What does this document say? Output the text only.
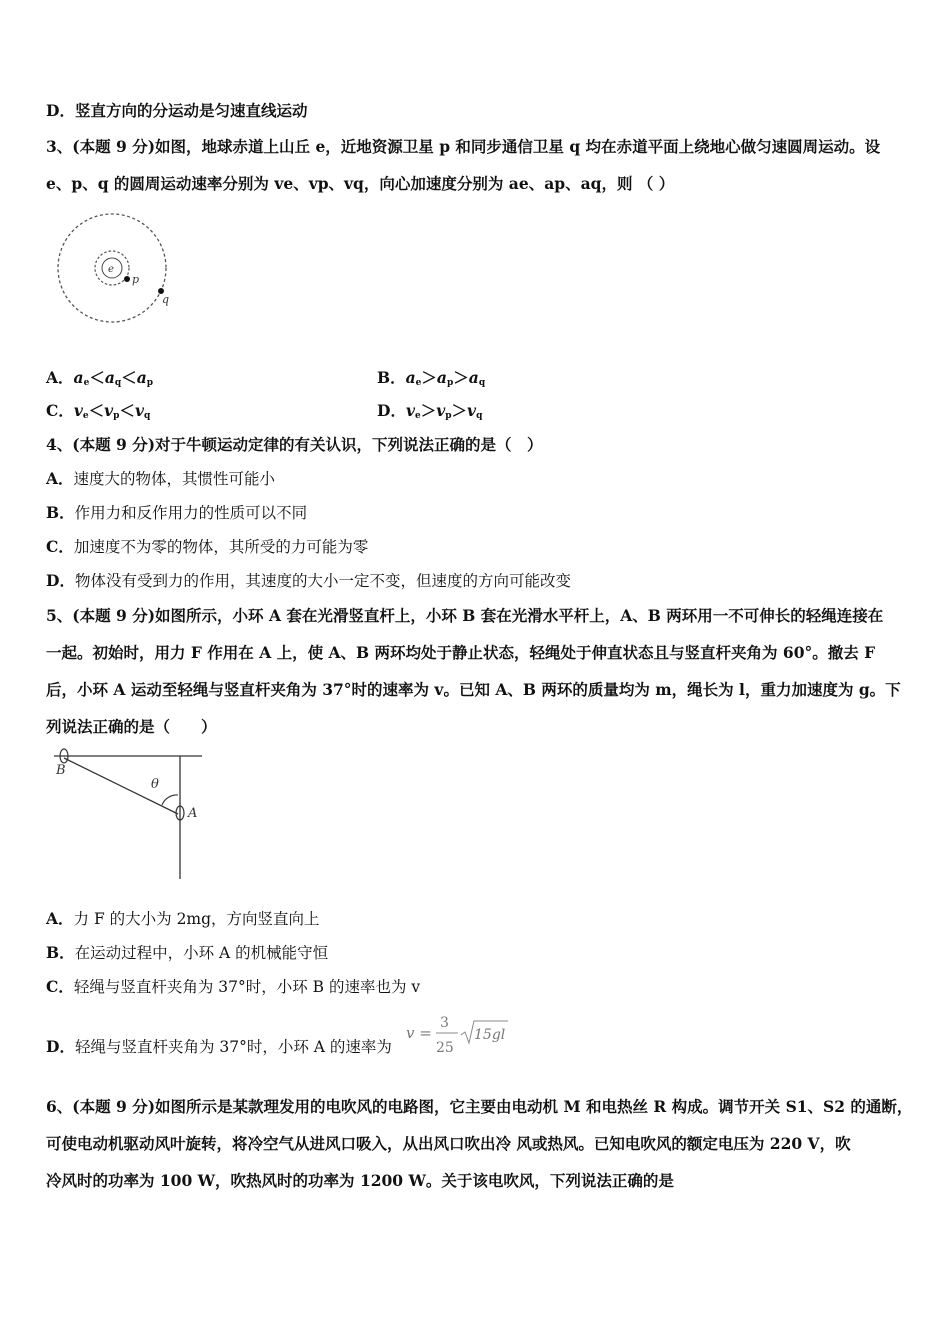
D．竖直方向的分运动是匀速直线运动
3、(本题 9 分)如图，地球赤道上山丘 e，近地资源卫星 p 和同步通信卫星 q 均在赤道平面上绕地心做匀速圆周运动。设
e、p、q 的圆周运动速率分别为 ve、vp、vq，向心加速度分别为 ae、ap、aq，则 （ ）
e
p
q
A．$a_e<a_q<a_p$	B．$a_e>a_p>a_q$
C．$v_e<v_p<v_q$	D．$v_e>v_p>v_q$
4、(本题 9 分)对于牛顿运动定律的有关认识，下列说法正确的是（　）
A．速度大的物体，其惯性可能小
B．作用力和反作用力的性质可以不同
C．加速度不为零的物体，其所受的力可能为零
D．物体没有受到力的作用，其速度的大小一定不变，但速度的方向可能改变
5、(本题 9 分)如图所示，小环 A 套在光滑竖直杆上，小环 B 套在光滑水平杆上，A、B 两环用一不可伸长的轻绳连接在
一起。初始时，用力 F 作用在 A 上，使 A、B 两环均处于静止状态，轻绳处于伸直状态且与竖直杆夹角为 60°。撤去 F
后，小环 A 运动至轻绳与竖直杆夹角为 37°时的速率为 v。已知 A、B 两环的质量均为 m，绳长为 l，重力加速度为 g。下
列说法正确的是（　　）
B
θ
A
A．力 F 的大小为 2mg，方向竖直向上
B．在运动过程中，小环 A 的机械能守恒
C．轻绳与竖直杆夹角为 37°时，小环 B 的速率也为 v
D．轻绳与竖直杆夹角为 37°时，小环 A 的速率为
v =
3
25
15gl
6、(本题 9 分)如图所示是某款理发用的电吹风的电路图，它主要由电动机 M 和电热丝 R 构成。调节开关 S1、S2 的通断，
可使电动机驱动风叶旋转，将冷空气从进风口吸入，从出风口吹出冷 风或热风。已知电吹风的额定电压为 220 V，吹
冷风时的功率为 100 W，吹热风时的功率为 1200 W。关于该电吹风，下列说法正确的是
